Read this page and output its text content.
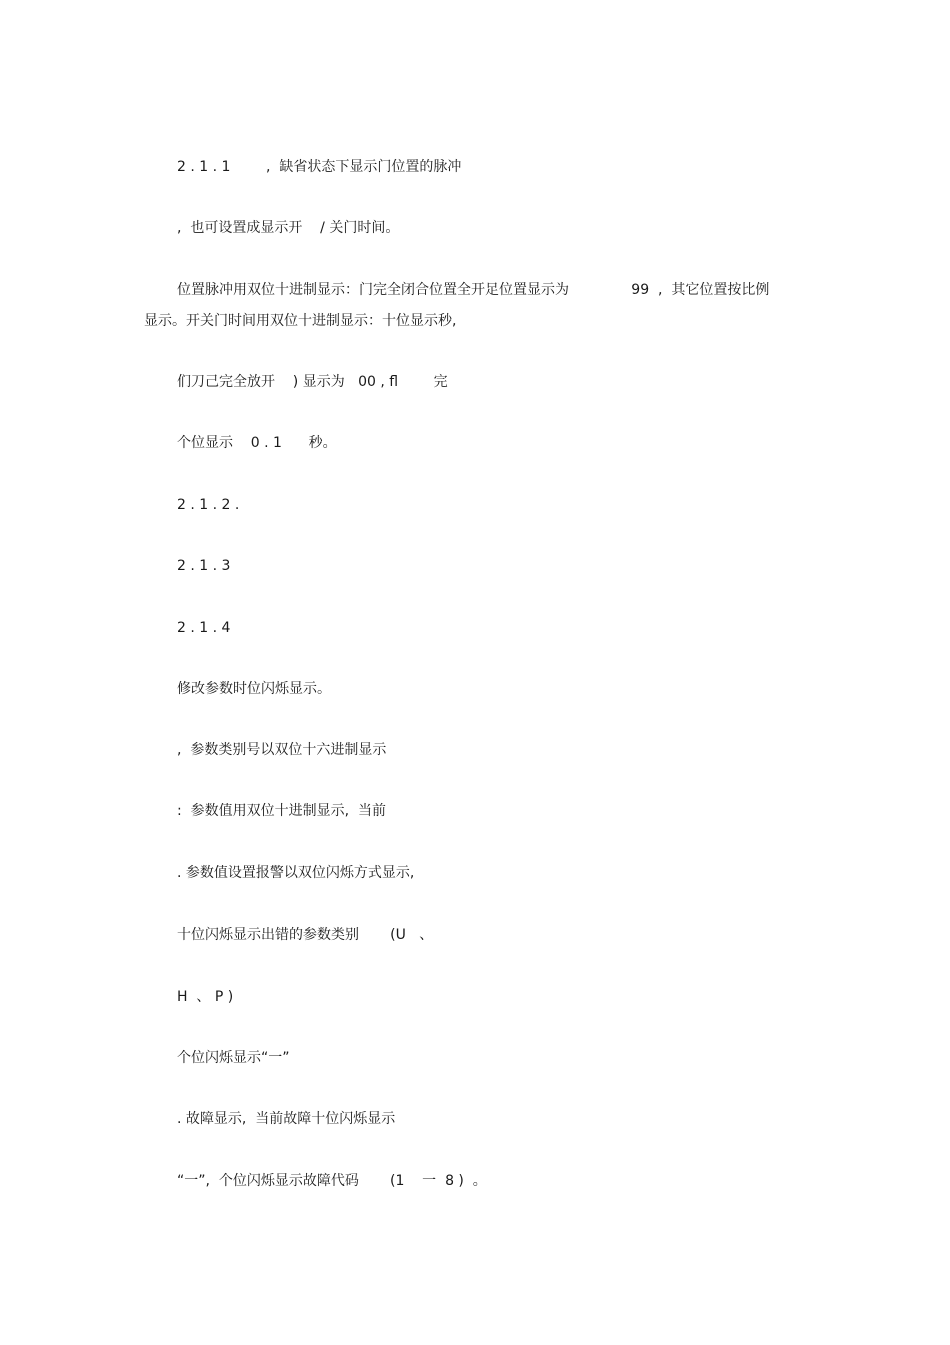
2 . 1 . 1        ,  缺省状态下显示门位置的脉冲
,  也可设置成显示开    / 关门时间。
位置脉冲用双位十进制显示：门完全闭合位置全开足位置显示为              99  ,  其它位置按比例
显示。开关门时间用双位十进制显示：十位显示秒,
们刀己完全放开    ) 显示为   00 , fl        完
个位显示    0 . 1      秒。
2 . 1 . 2 .
2 . 1 . 3
2 . 1 . 4
修改参数时位闪烁显示。
,  参数类别号以双位十六进制显示
:  参数值用双位十进制显示,  当前
. 参数值设置报警以双位闪烁方式显示,
十位闪烁显示出错的参数类别       (U   、
H  、 P )
个位闪烁显示“一”
. 故障显示,  当前故障十位闪烁显示
“一”,  个位闪烁显示故障代码       (1    一  8 )  。
